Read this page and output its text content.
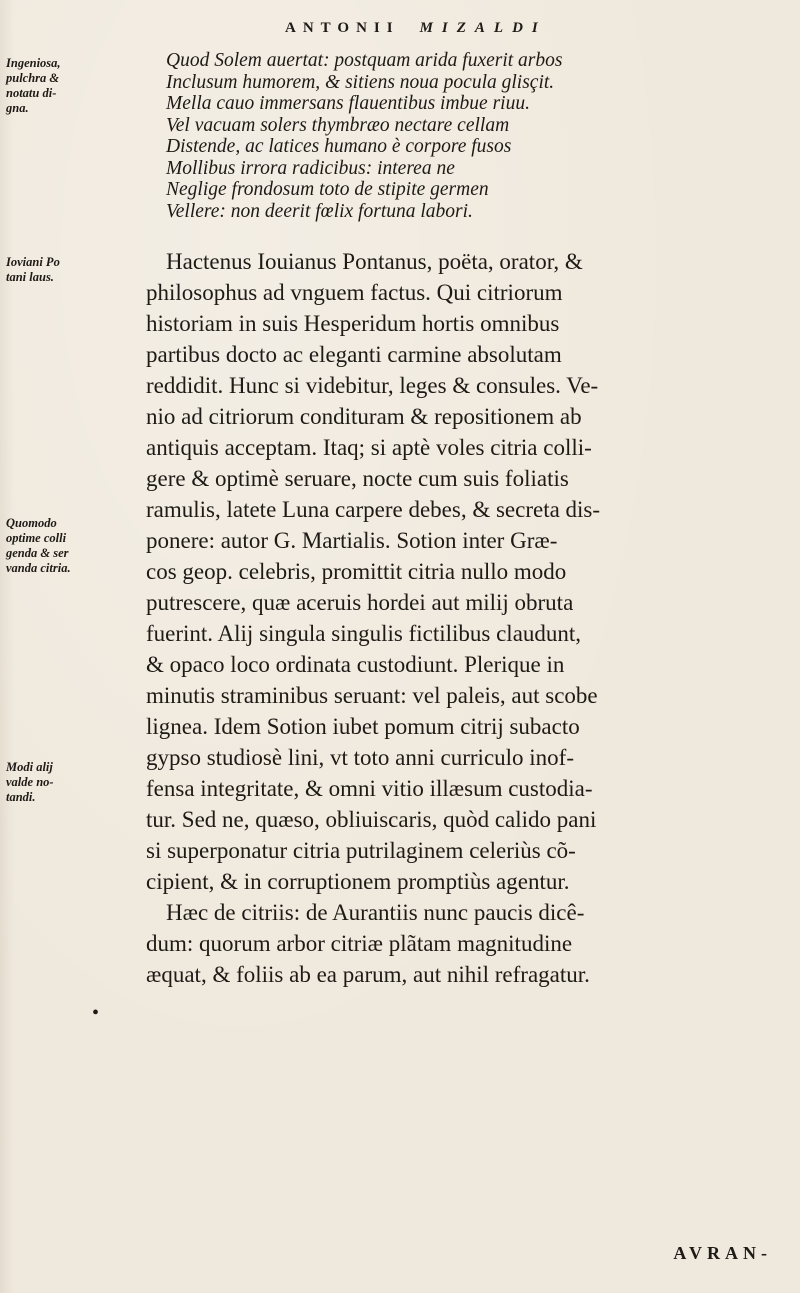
ANTONII MIZALDI
Ingeniosa,
pulchra &
notatu di-
gna.
Ioviani Po
tani laus.
Quomodo
optime colli
genda & ser
vanda citria.
Modi alij
valde no-
tandi.
Quod Solem auertat: postquam arida fuxerit arbos
Inclusum humorem, & sitiens noua pocula glisçit.
Mella cauo immersans flauentibus imbue riuu.
Vel vacuam solers thymbræo nectare cellam
Distende, ac latices humano è corpore fusos
Mollibus irrora radicibus: interea ne
Neglige frondosum toto de stipite germen
Vellere: non deerit fœlix fortuna labori.
Hactenus Iouianus Pontanus, poëta, orator, &
philosophus ad vnguem factus. Qui citriorum
historiam in suis Hesperidum hortis omnibus
partibus docto ac eleganti carmine absolutam
reddidit. Hunc si videbitur, leges & consules. Ve-
nio ad citriorum condituram & repositionem ab
antiquis acceptam. Itaq; si aptè voles citria colli-
gere & optimè seruare, nocte cum suis foliatis
ramulis, latete Luna carpere debes, & secreta dis-
ponere: autor G. Martialis. Sotion inter Græ-
cos geop. celebris, promittit citria nullo modo
putrescere, quæ aceruis hordei aut milij obruta
fuerint. Alij singula singulis fictilibus claudunt,
& opaco loco ordinata custodiunt. Plerique in
minutis straminibus seruant: vel paleis, aut scobe
lignea. Idem Sotion iubet pomum citrij subacto
gypso studiosè lini, vt toto anni curriculo inof-
fensa integritate, & omni vitio illæsum custodia-
tur. Sed ne, quæso, obliuiscaris, quòd calido pani
si superponatur citria putrilaginem celeriùs cõ-
cipient, & in corruptionem promptiùs agentur.
Hæc de citriis: de Aurantiis nunc paucis dicê-
dum: quorum arbor citriæ plãtam magnitudine
æquat, & foliis ab ea parum, aut nihil refragatur.
•
AVRAN-
